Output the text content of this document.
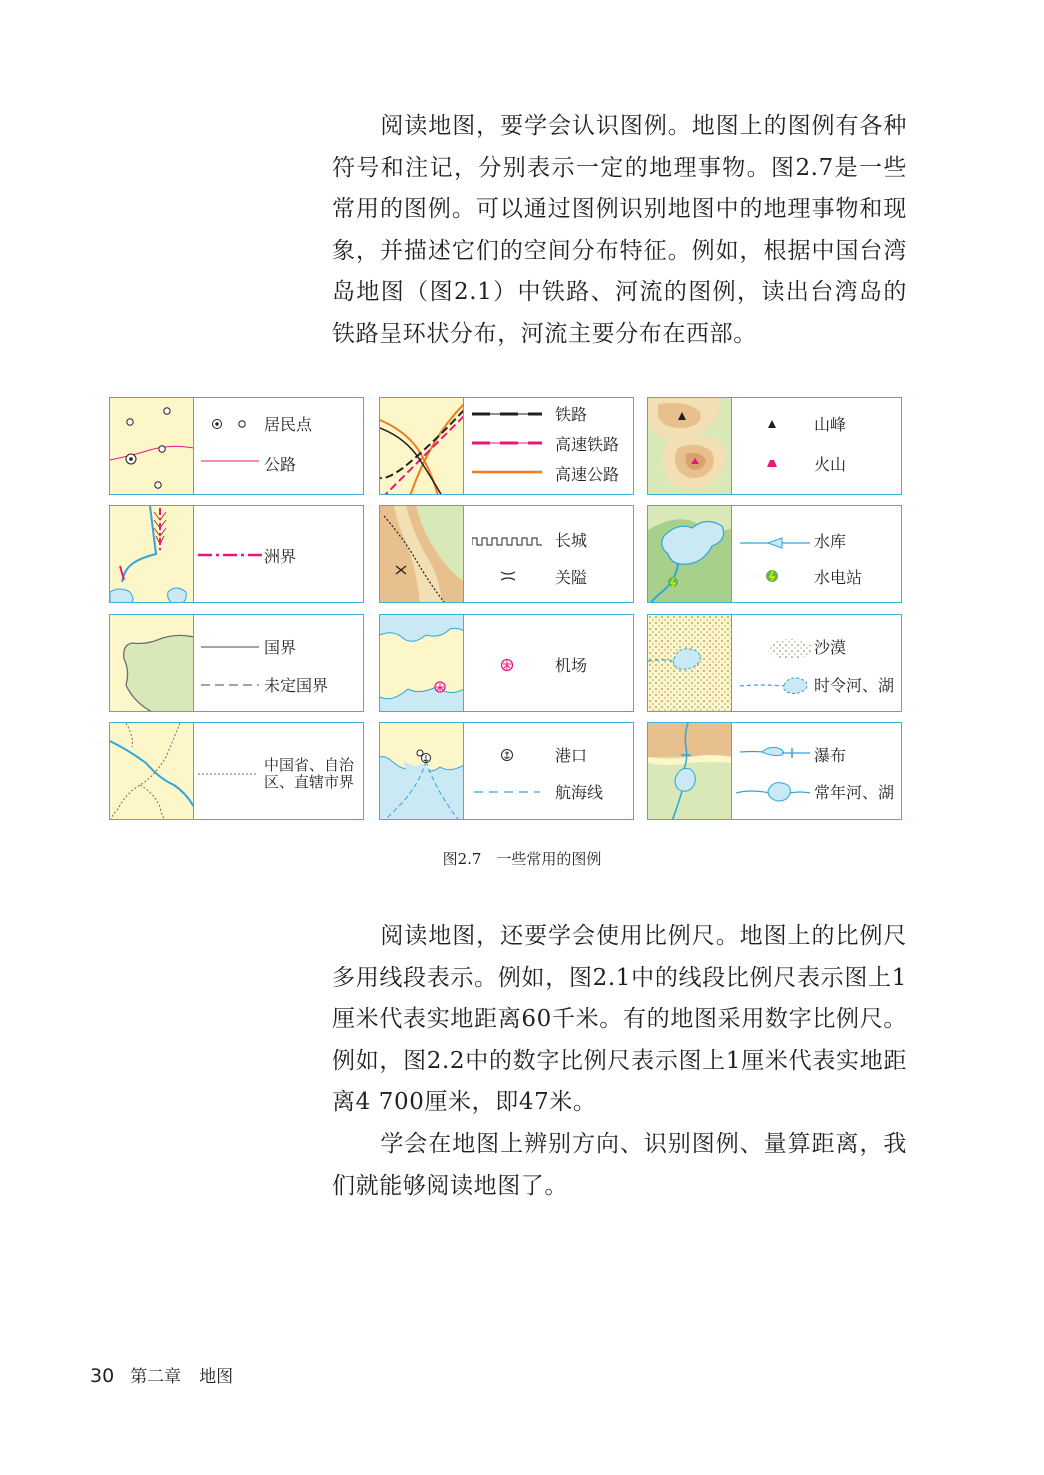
阅读地图，要学会认识图例。地图上的图例有各种符号和注记，分别表示一定的地理事物。图2.7是一些常用的图例。可以通过图例识别地图中的地理事物和现象，并描述它们的空间分布特征。例如，根据中国台湾岛地图（图2.1）中铁路、河流的图例，读出台湾岛的铁路呈环状分布，河流主要分布在西部。

居民点
公路
铁路
高速铁路
高速公路
山峰
火山
洲界
长城
关隘
水库
水电站
国界
未定国界
机场
沙漠
时令河、湖
中国省、自治
区、直辖市界
港口
航海线
瀑布
常年河、湖
图2.7　一些常用的图例

阅读地图，还要学会使用比例尺。地图上的比例尺多用线段表示。例如，图2.1中的线段比例尺表示图上1厘米代表实地距离60千米。有的地图采用数字比例尺。例如，图2.2中的数字比例尺表示图上1厘米代表实地距离4 700厘米，即47米。

学会在地图上辨别方向、识别图例、量算距离，我们就能够阅读地图了。

30 第二章 地图
